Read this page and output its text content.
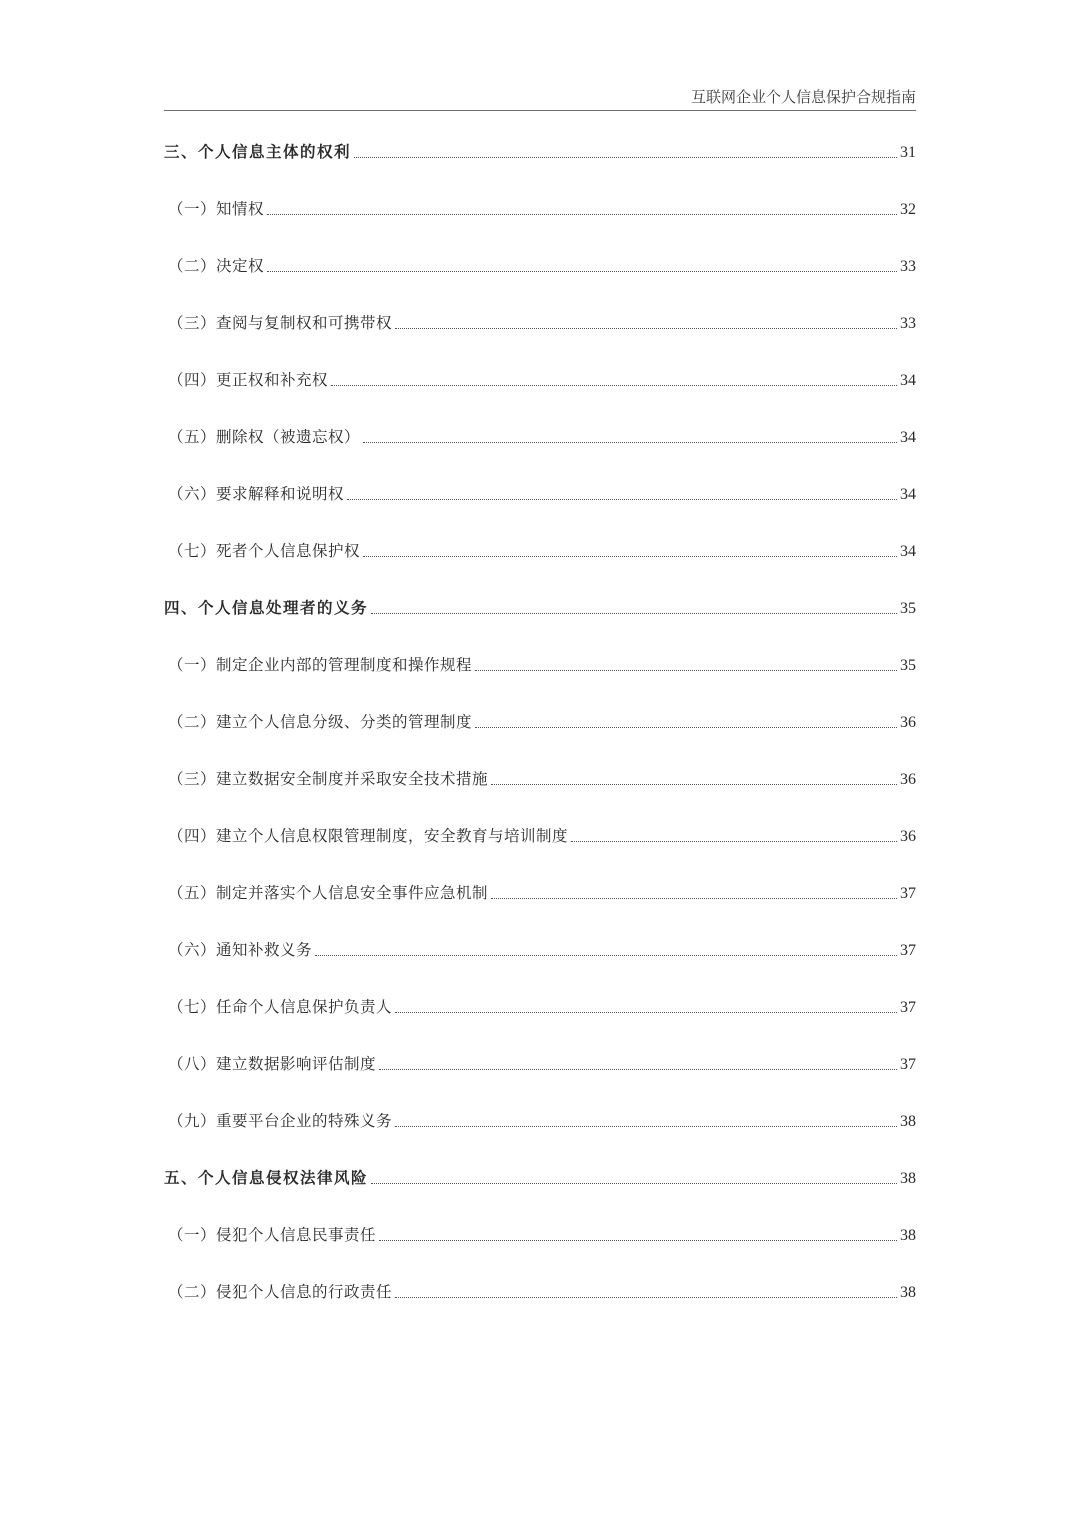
互联网企业个人信息保护合规指南
三、个人信息主体的权利	31
（一）知情权	32
（二）决定权	33
（三）查阅与复制权和可携带权	33
（四）更正权和补充权	34
（五）删除权（被遗忘权）	34
（六）要求解释和说明权	34
（七）死者个人信息保护权	34
四、个人信息处理者的义务	35
（一）制定企业内部的管理制度和操作规程	35
（二）建立个人信息分级、分类的管理制度	36
（三）建立数据安全制度并采取安全技术措施	36
（四）建立个人信息权限管理制度，安全教育与培训制度	36
（五）制定并落实个人信息安全事件应急机制	37
（六）通知补救义务	37
（七）任命个人信息保护负责人	37
（八）建立数据影响评估制度	37
（九）重要平台企业的特殊义务	38
五、个人信息侵权法律风险	38
（一）侵犯个人信息民事责任	38
（二）侵犯个人信息的行政责任	38
